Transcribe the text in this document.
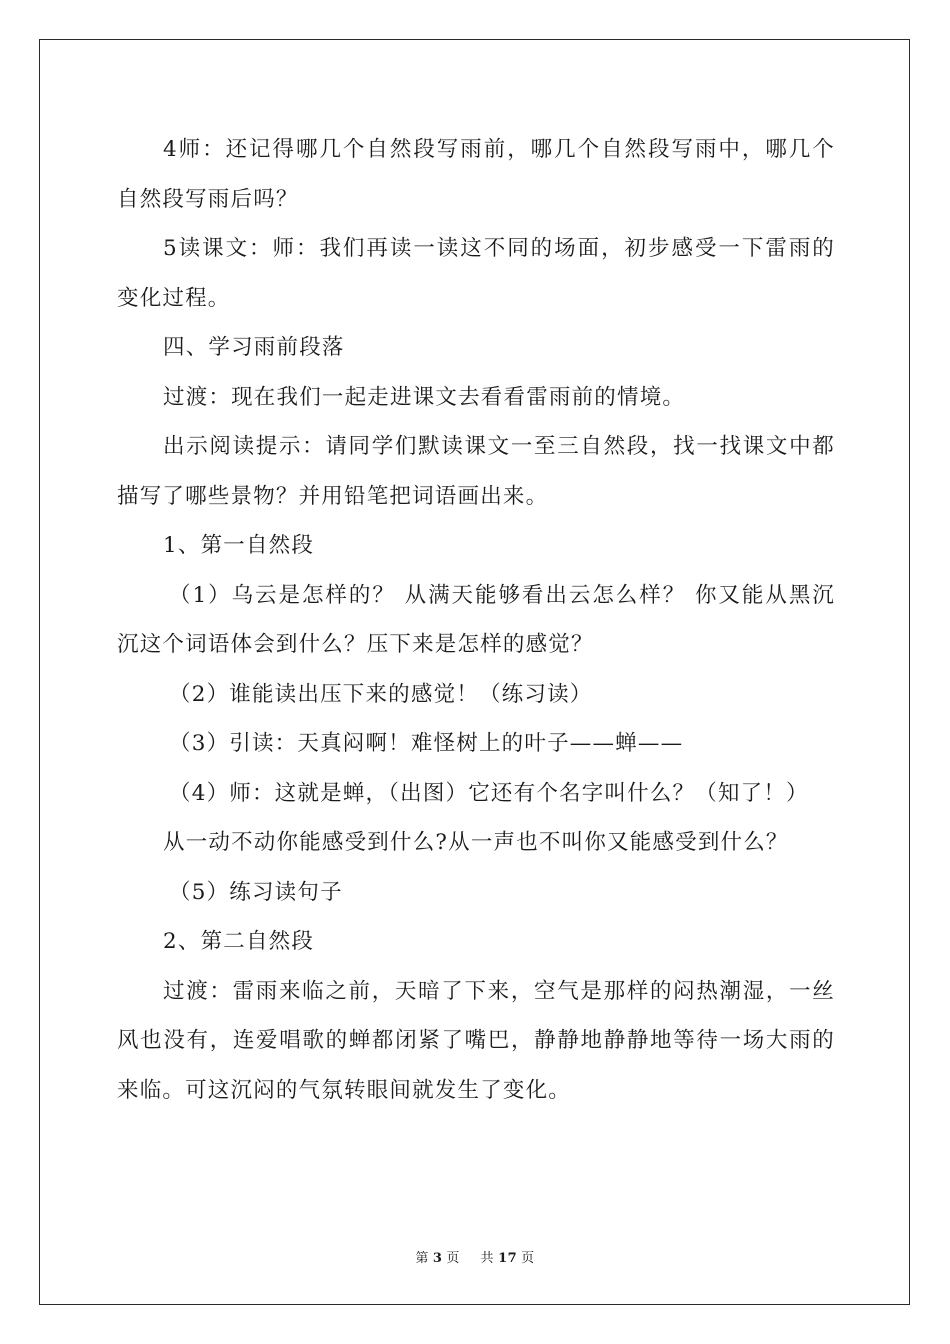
4师：还记得哪几个自然段写雨前，哪几个自然段写雨中，哪几个自然段写雨后吗？

5读课文：师：我们再读一读这不同的场面，初步感受一下雷雨的变化过程。

四、学习雨前段落

过渡：现在我们一起走进课文去看看雷雨前的情境。

出示阅读提示：请同学们默读课文一至三自然段，找一找课文中都描写了哪些景物？并用铅笔把词语画出来。

1、第一自然段

（1）乌云是怎样的？ 从满天能够看出云怎么样？ 你又能从黑沉沉这个词语体会到什么？压下来是怎样的感觉？

（2）谁能读出压下来的感觉！（练习读）

（3）引读：天真闷啊！难怪树上的叶子——蝉——

（4）师：这就是蝉，（出图）它还有个名字叫什么？（知了！）

从一动不动你能感受到什么?从一声也不叫你又能感受到什么？

（5）练习读句子

2、第二自然段

过渡：雷雨来临之前，天暗了下来，空气是那样的闷热潮湿，一丝风也没有，连爱唱歌的蝉都闭紧了嘴巴，静静地静静地等待一场大雨的来临。可这沉闷的气氛转眼间就发生了变化。

第 3 页 共 17 页
